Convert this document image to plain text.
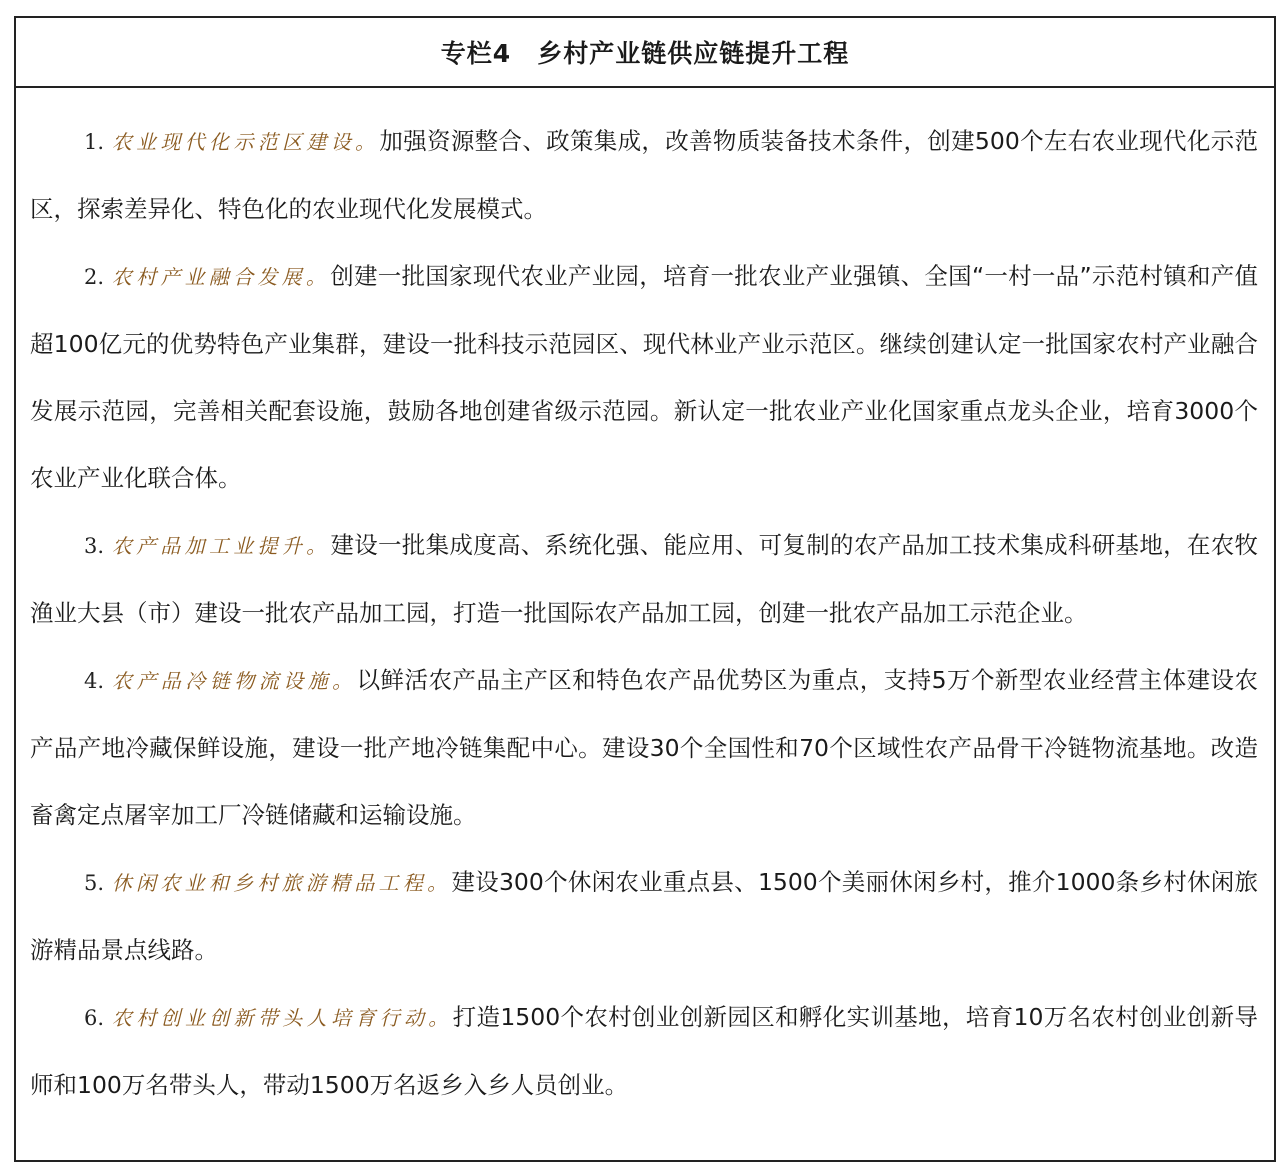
专栏4　乡村产业链供应链提升工程

1. 农业现代化示范区建设。加强资源整合、政策集成，改善物质装备技术条件，创建500个左右农业现代化示范区，探索差异化、特色化的农业现代化发展模式。

2. 农村产业融合发展。创建一批国家现代农业产业园，培育一批农业产业强镇、全国“一村一品”示范村镇和产值超100亿元的优势特色产业集群，建设一批科技示范园区、现代林业产业示范区。继续创建认定一批国家农村产业融合发展示范园，完善相关配套设施，鼓励各地创建省级示范园。新认定一批农业产业化国家重点龙头企业，培育3000个农业产业化联合体。

3. 农产品加工业提升。建设一批集成度高、系统化强、能应用、可复制的农产品加工技术集成科研基地，在农牧渔业大县（市）建设一批农产品加工园，打造一批国际农产品加工园，创建一批农产品加工示范企业。

4. 农产品冷链物流设施。以鲜活农产品主产区和特色农产品优势区为重点，支持5万个新型农业经营主体建设农产品产地冷藏保鲜设施，建设一批产地冷链集配中心。建设30个全国性和70个区域性农产品骨干冷链物流基地。改造畜禽定点屠宰加工厂冷链储藏和运输设施。

5. 休闲农业和乡村旅游精品工程。建设300个休闲农业重点县、1500个美丽休闲乡村，推介1000条乡村休闲旅游精品景点线路。

6. 农村创业创新带头人培育行动。打造1500个农村创业创新园区和孵化实训基地，培育10万名农村创业创新导师和100万名带头人，带动1500万名返乡入乡人员创业。
